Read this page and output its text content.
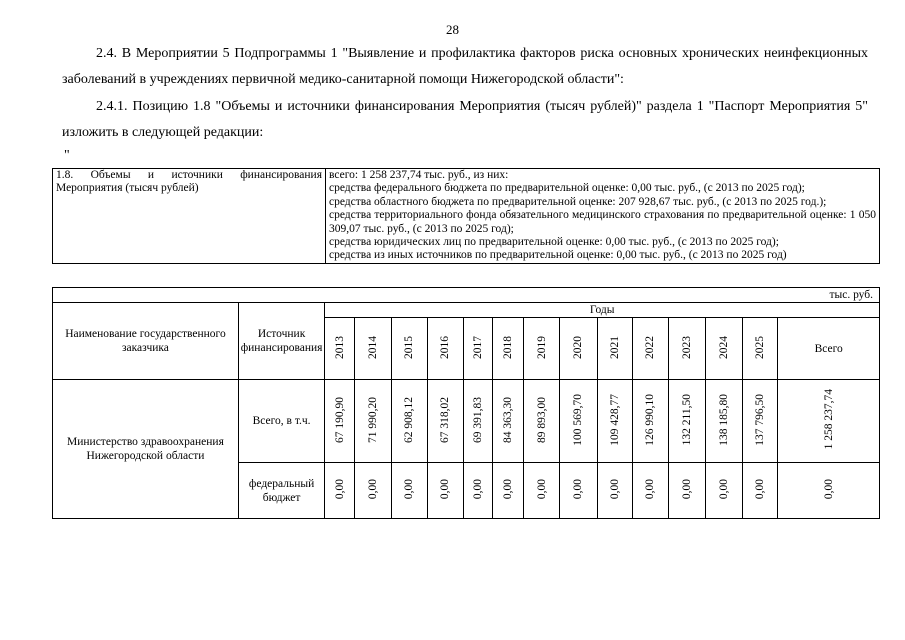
28
2.4. В Мероприятии 5 Подпрограммы 1 "Выявление и профилактика факторов риска основных хронических неинфекционных заболеваний в учреждениях первичной медико-санитарной помощи Нижегородской области":
2.4.1. Позицию 1.8 "Объемы и источники финансирования Мероприятия (тысяч рублей)" раздела 1 "Паспорт Мероприятия 5" изложить в следующей редакции:
"
1.8. Объемы и источники финансирования Мероприятия (тысяч рублей)	
всего: 1 258 237,74 тыс. руб., из них:
средства федерального бюджета по предварительной оценке: 0,00 тыс. руб., (с 2013 по 2025 год);
средства областного бюджета по предварительной оценке: 207 928,67 тыс. руб., (с 2013 по 2025 год.);
средства территориального фонда обязательного медицинского страхования по предварительной оценке: 1 050 309,07 тыс. руб., (с 2013 по 2025 год);
средства юридических лиц по предварительной оценке: 0,00 тыс. руб., (с 2013 по 2025 год);
средства из иных источников по предварительной оценке: 0,00 тыс. руб., (с 2013 по 2025 год)
тыс. руб.															
Наименование государственного заказчика	Источник финансирования	Годы													
		2013	2014	2015	2016	2017	2018	2019	2020	2021	2022	2023	2024	2025	Всего
Министерство здравоохранения Нижегородской области	Всего, в т.ч.	67 190,90	71 990,20	62 908,12	67 318,02	69 391,83	84 363,30	89 893,00	100 569,70	109 428,77	126 990,10	132 211,50	138 185,80	137 796,50	1 258 237,74
	федеральный бюджет	0,00	0,00	0,00	0,00	0,00	0,00	0,00	0,00	0,00	0,00	0,00	0,00	0,00	0,00
